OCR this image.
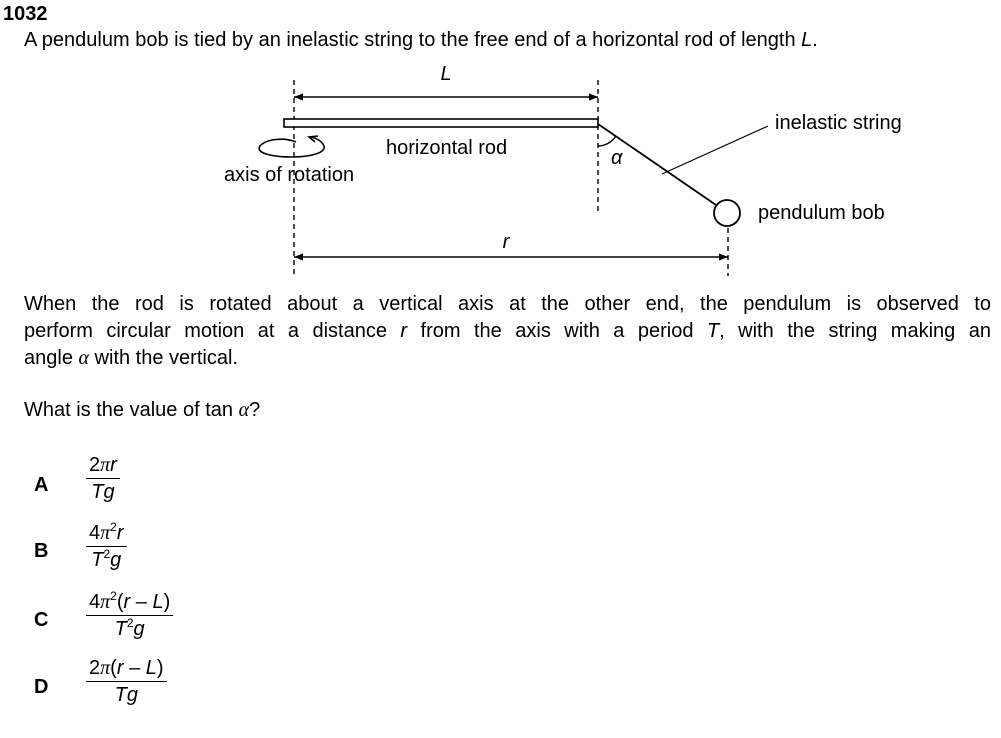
1032
A pendulum bob is tied by an inelastic string to the free end of a horizontal rod of length L.
L
horizontal rod
axis of rotation
α
inelastic string
pendulum bob
r
When the rod is rotated about a vertical axis at the other end, the pendulum is observed to
perform circular motion at a distance r from the axis with a period T, with the string making an
angle α with the vertical.
What is the value of tan α?
A
2πr
Tg
B
$4\pi^2r$
$T^2g$
C
$4\pi^2(r - L)$
$T^2g$
D
2π(r – L)
Tg
